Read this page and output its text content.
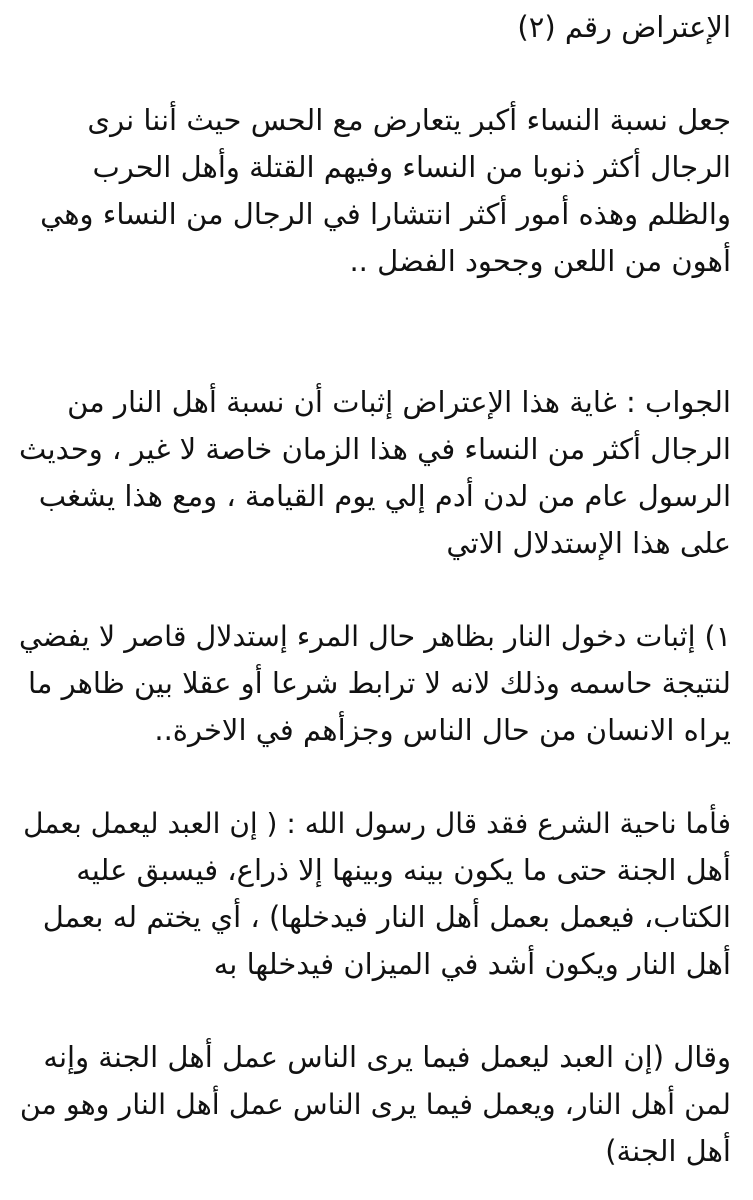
الإعتراض رقم (٢)
جعل نسبة النساء أكبر يتعارض مع الحس حيث أننا نرى
الرجال أكثر ذنوبا من النساء وفيهم القتلة وأهل الحرب
والظلم وهذه أمور أكثر انتشارا في الرجال من النساء وهي
أهون من اللعن وجحود الفضل ..
الجواب : غاية هذا الإعتراض إثبات أن نسبة أهل النار من
الرجال أكثر من النساء في هذا الزمان خاصة لا غير ، وحديث
الرسول عام من لدن أدم إلي يوم القيامة ، ومع هذا يشغب
على هذا الإستدلال الاتي
١) إثبات دخول النار بظاهر حال المرء إستدلال قاصر لا يفضي
لنتيجة حاسمه وذلك لانه لا ترابط شرعا أو عقلا بين ظاهر ما
يراه الانسان من حال الناس وجزأهم في الاخرة..
فأما ناحية الشرع فقد قال رسول الله : ( إن العبد ليعمل بعمل
أهل الجنة حتى ما يكون بينه وبينها إلا ذراع، فيسبق عليه
الكتاب، فيعمل بعمل أهل النار فيدخلها) ، أي يختم له بعمل
أهل النار ويكون أشد في الميزان فيدخلها به
وقال (إن العبد ليعمل فيما يرى الناس عمل أهل الجنة وإنه
لمن أهل النار، ويعمل فيما يرى الناس عمل أهل النار وهو من
أهل الجنة)
